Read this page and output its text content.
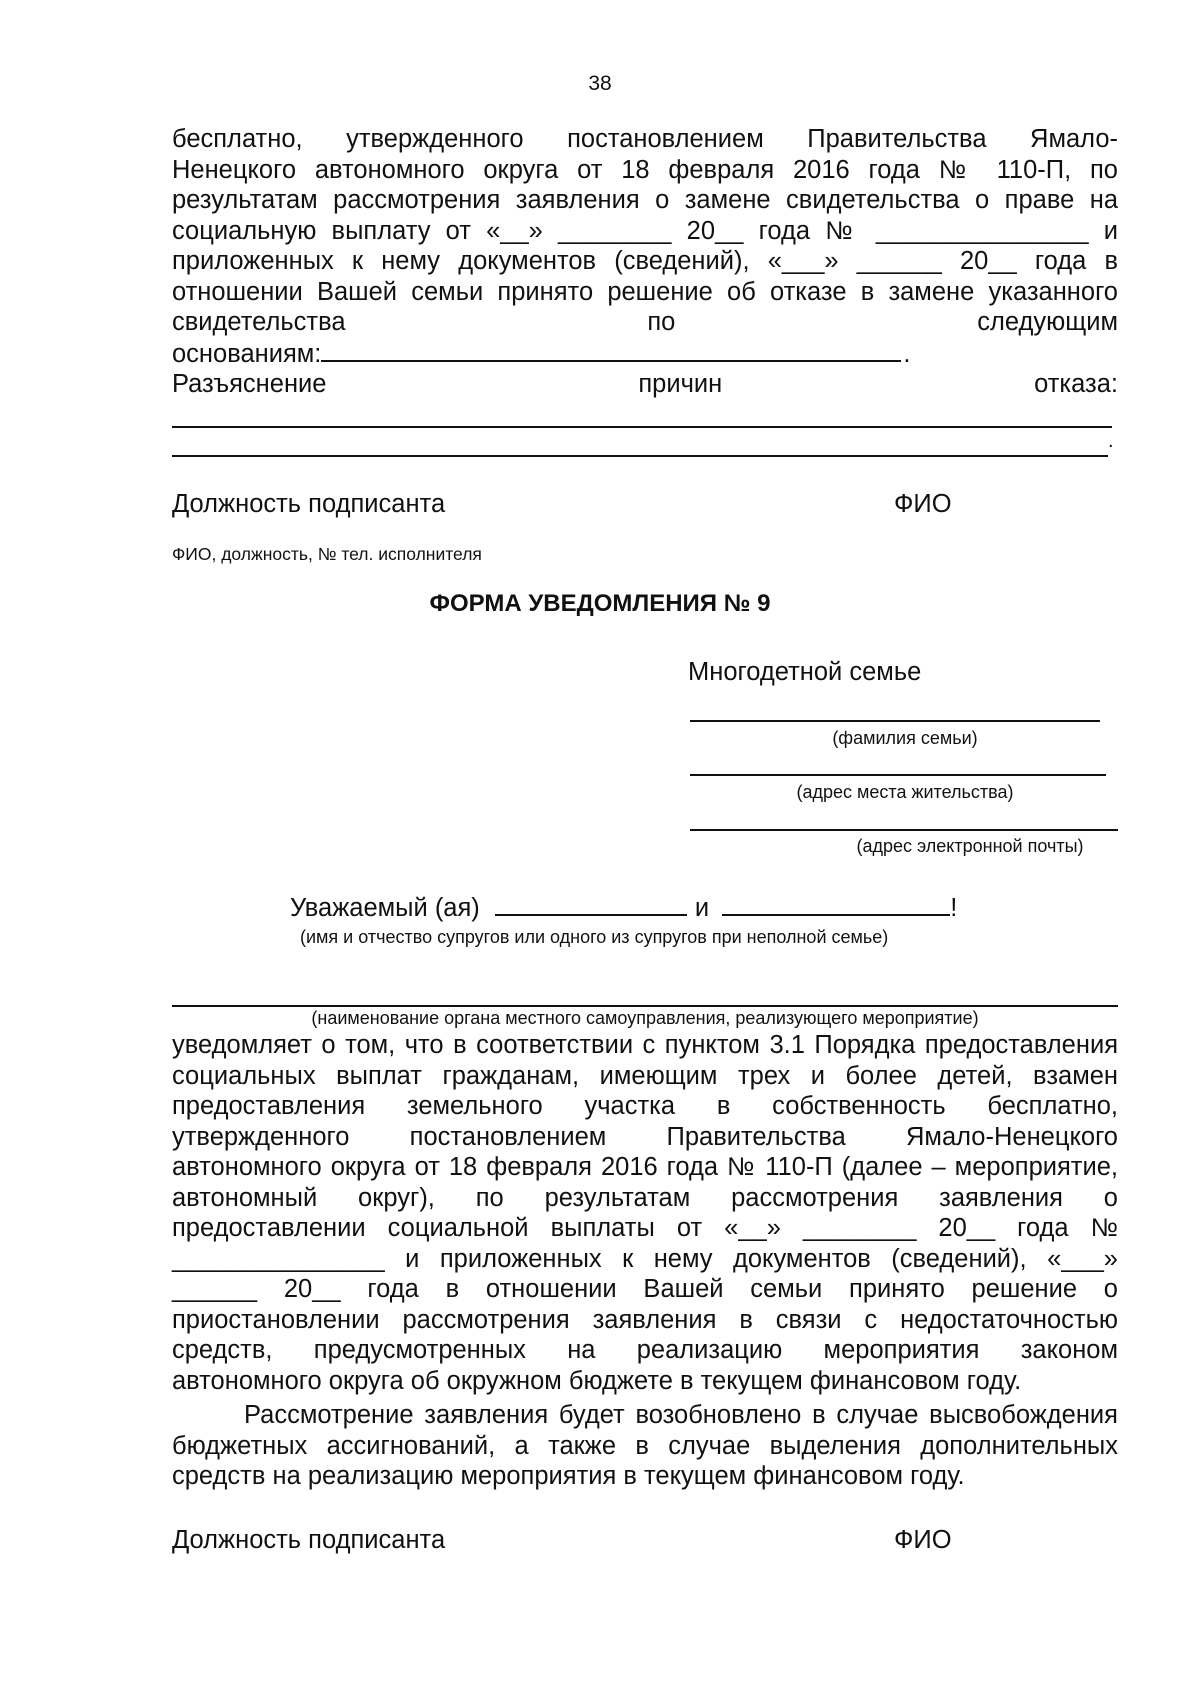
38
бесплатно, утвержденного постановлением Правительства Ямало-
Ненецкого автономного округа от 18 февраля 2016 года № 110-П, по
результатам рассмотрения заявления о замене свидетельства о праве на
социальную выплату от «__» ________ 20__ года № _______________ и
приложенных к нему документов (сведений), «___» ______ 20__ года в
отношении Вашей семьи принято решение об отказе в замене указанного
свидетельства по следующим
основаниям:	.
Разъяснение	причин	отказа:
.
Должность подписанта	ФИО
ФИО, должность, № тел. исполнителя
ФОРМА УВЕДОМЛЕНИЯ № 9
Многодетной семье
(фамилия семьи)
(адрес места жительства)
(адрес электронной почты)
Уважаемый (ая)	и	!
(имя и отчество супругов или одного из супругов при неполной семье)
(наименование органа местного самоуправления, реализующего мероприятие)
уведомляет о том, что в соответствии с пунктом 3.1 Порядка предоставления
социальных выплат гражданам, имеющим трех и более детей, взамен
предоставления земельного участка в собственность бесплатно,
утвержденного постановлением Правительства Ямало-Ненецкого
автономного округа от 18 февраля 2016 года № 110-П (далее – мероприятие,
автономный округ), по результатам рассмотрения заявления о
предоставлении социальной выплаты от «__» ________ 20__ года №
_______________ и приложенных к нему документов (сведений), «___»
______ 20__ года в отношении Вашей семьи принято решение о
приостановлении рассмотрения заявления в связи с недостаточностью
средств, предусмотренных на реализацию мероприятия законом
автономного округа об окружном бюджете в текущем финансовом году.
Рассмотрение заявления будет возобновлено в случае высвобождения
бюджетных ассигнований, а также в случае выделения дополнительных
средств на реализацию мероприятия в текущем финансовом году.
Должность подписанта	ФИО
